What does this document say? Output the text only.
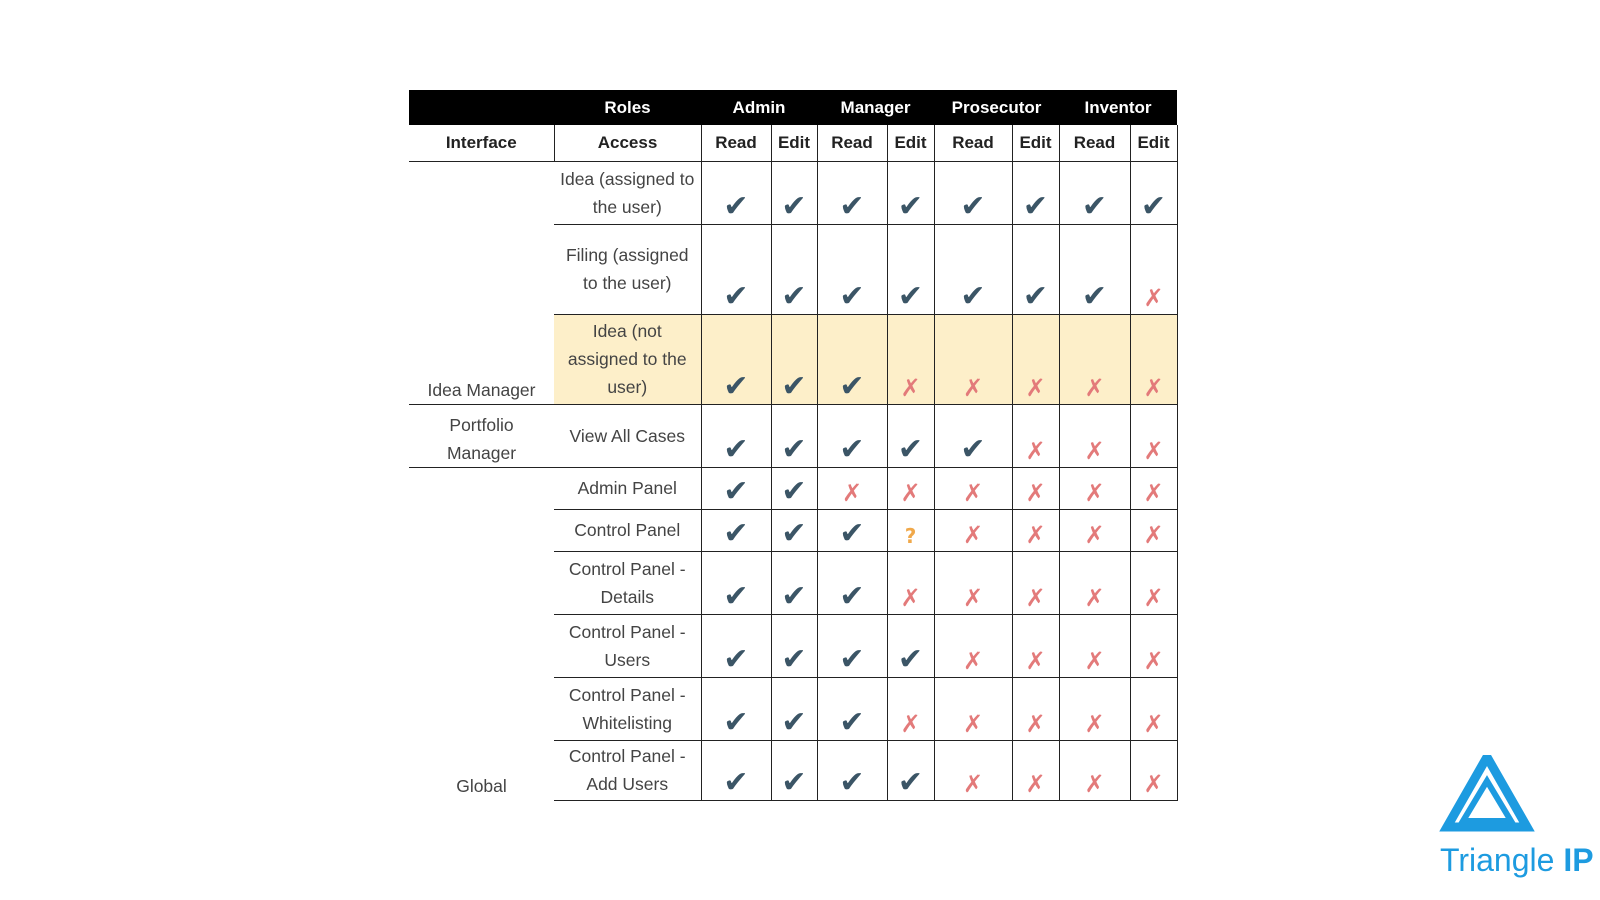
	Roles	Admin		Manager		Prosecutor		Inventor	
Interface	Access	Read	Edit	Read	Edit	Read	Edit	Read	Edit
Idea Manager	Idea (assigned to the user)	✔	✔	✔	✔	✔	✔	✔	✔
	Filing (assigned to the user)	✔	✔	✔	✔	✔	✔	✔	✗
	Idea (not assigned to the user)	✔	✔	✔	✗	✗	✗	✗	✗
Portfolio Manager	View All Cases	✔	✔	✔	✔	✔	✗	✗	✗
Global	Admin Panel	✔	✔	✗	✗	✗	✗	✗	✗
	Control Panel	✔	✔	✔	?	✗	✗	✗	✗
	Control Panel - Details	✔	✔	✔	✗	✗	✗	✗	✗
	Control Panel - Users	✔	✔	✔	✔	✗	✗	✗	✗
	Control Panel - Whitelisting	✔	✔	✔	✗	✗	✗	✗	✗
	Control Panel - Add Users	✔	✔	✔	✔	✗	✗	✗	✗
Triangle IP
